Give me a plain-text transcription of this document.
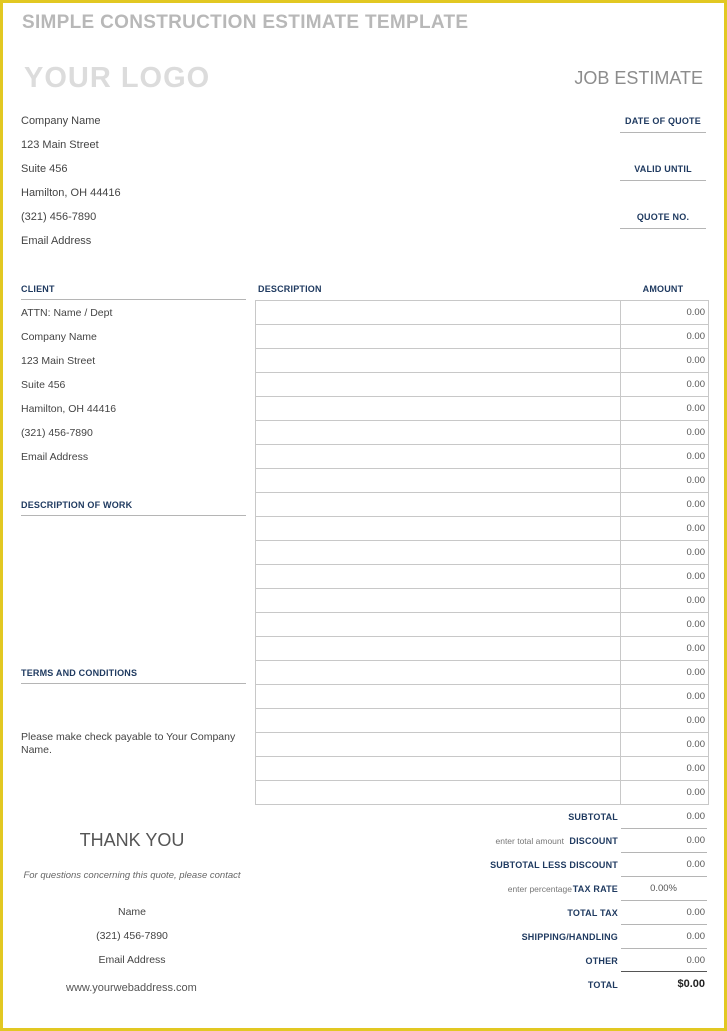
SIMPLE CONSTRUCTION ESTIMATE TEMPLATE
YOUR LOGO	JOB ESTIMATE
Company Name
123 Main Street
Suite 456
Hamilton, OH 44416
(321) 456-7890
Email Address
DATE OF QUOTE
VALID UNTIL
QUOTE NO.
CLIENT
ATTN: Name / Dept
Company Name
123 Main Street
Suite 456
Hamilton, OH 44416
(321) 456-7890
Email Address
DESCRIPTION OF WORK
TERMS AND CONDITIONS
Please make check payable to Your Company Name.
DESCRIPTION	AMOUNT
	0.00
	0.00
	0.00
	0.00
	0.00
	0.00
	0.00
	0.00
	0.00
	0.00
	0.00
	0.00
	0.00
	0.00
	0.00
	0.00
	0.00
	0.00
	0.00
	0.00
	0.00
SUBTOTAL	0.00
enter total amount DISCOUNT	0.00
SUBTOTAL LESS DISCOUNT	0.00
enter percentage TAX RATE	0.00%
TOTAL TAX	0.00
SHIPPING/HANDLING	0.00
OTHER	0.00
TOTAL	$0.00
THANK YOU
For questions concerning this quote, please contact
Name
(321) 456-7890
Email Address
www.yourwebaddress.com
